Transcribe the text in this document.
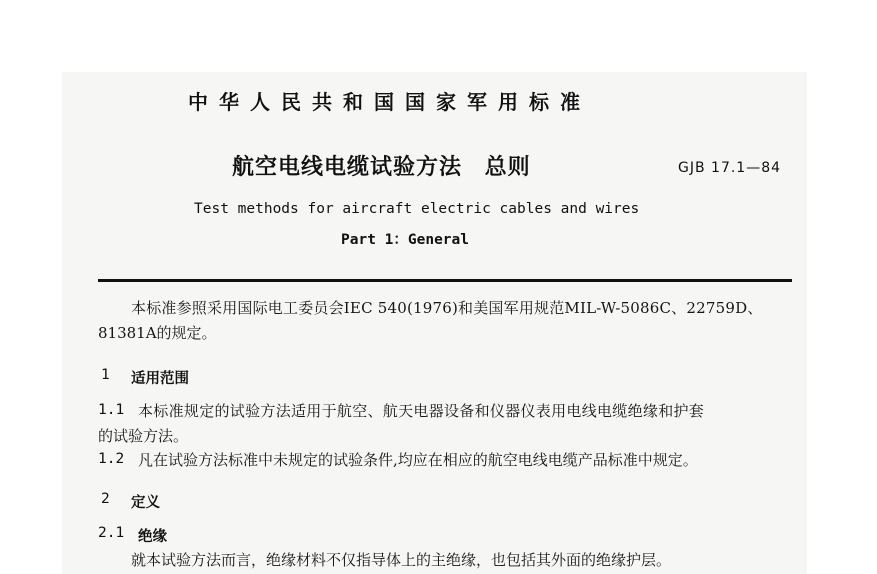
中华人民共和国国家军用标准
航空电线电缆试验方法 总则	GJB 17.1—84
Test methods for aircraft electric cables and wires
Part 1：General
本标准参照采用国际电工委员会IEC 540(1976)和美国军用规范MIL-W-5086C、22759D、
81381A的规定。
1 适用范围
1.1 本标准规定的试验方法适用于航空、航天电器设备和仪器仪表用电线电缆绝缘和护套
的试验方法。
1.2 凡在试验方法标准中未规定的试验条件,均应在相应的航空电线电缆产品标准中规定。
2 定义
2.1 绝缘
就本试验方法而言，绝缘材料不仅指导体上的主绝缘，也包括其外面的绝缘护层。
